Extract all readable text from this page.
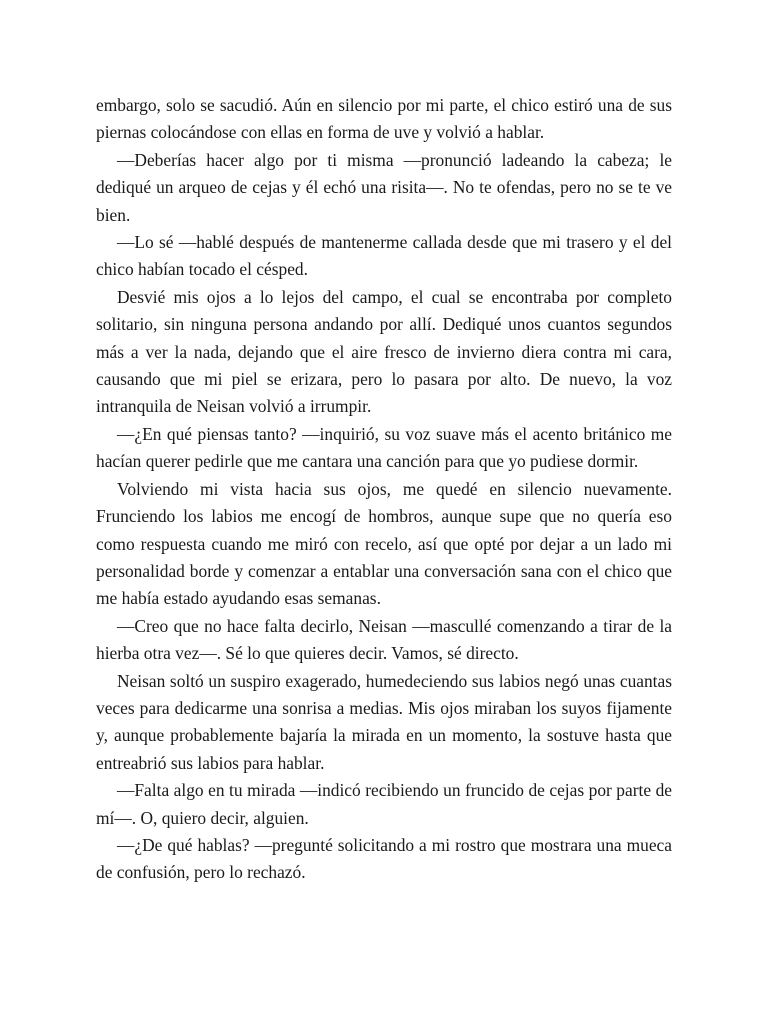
embargo, solo se sacudió. Aún en silencio por mi parte, el chico estiró una de sus piernas colocándose con ellas en forma de uve y volvió a hablar.

—Deberías hacer algo por ti misma —pronunció ladeando la cabeza; le dediqué un arqueo de cejas y él echó una risita—. No te ofendas, pero no se te ve bien.

—Lo sé —hablé después de mantenerme callada desde que mi trasero y el del chico habían tocado el césped.

Desvié mis ojos a lo lejos del campo, el cual se encontraba por completo solitario, sin ninguna persona andando por allí. Dediqué unos cuantos segundos más a ver la nada, dejando que el aire fresco de invierno diera contra mi cara, causando que mi piel se erizara, pero lo pasara por alto. De nuevo, la voz intranquila de Neisan volvió a irrumpir.

—¿En qué piensas tanto? —inquirió, su voz suave más el acento británico me hacían querer pedirle que me cantara una canción para que yo pudiese dormir.

Volviendo mi vista hacia sus ojos, me quedé en silencio nuevamente. Frunciendo los labios me encogí de hombros, aunque supe que no quería eso como respuesta cuando me miró con recelo, así que opté por dejar a un lado mi personalidad borde y comenzar a entablar una conversación sana con el chico que me había estado ayudando esas semanas.

—Creo que no hace falta decirlo, Neisan —mascullé comenzando a tirar de la hierba otra vez—. Sé lo que quieres decir. Vamos, sé directo.

Neisan soltó un suspiro exagerado, humedeciendo sus labios negó unas cuantas veces para dedicarme una sonrisa a medias. Mis ojos miraban los suyos fijamente y, aunque probablemente bajaría la mirada en un momento, la sostuve hasta que entreabrió sus labios para hablar.

—Falta algo en tu mirada —indicó recibiendo un fruncido de cejas por parte de mí—. O, quiero decir, alguien.

—¿De qué hablas? —pregunté solicitando a mi rostro que mostrara una mueca de confusión, pero lo rechazó.
